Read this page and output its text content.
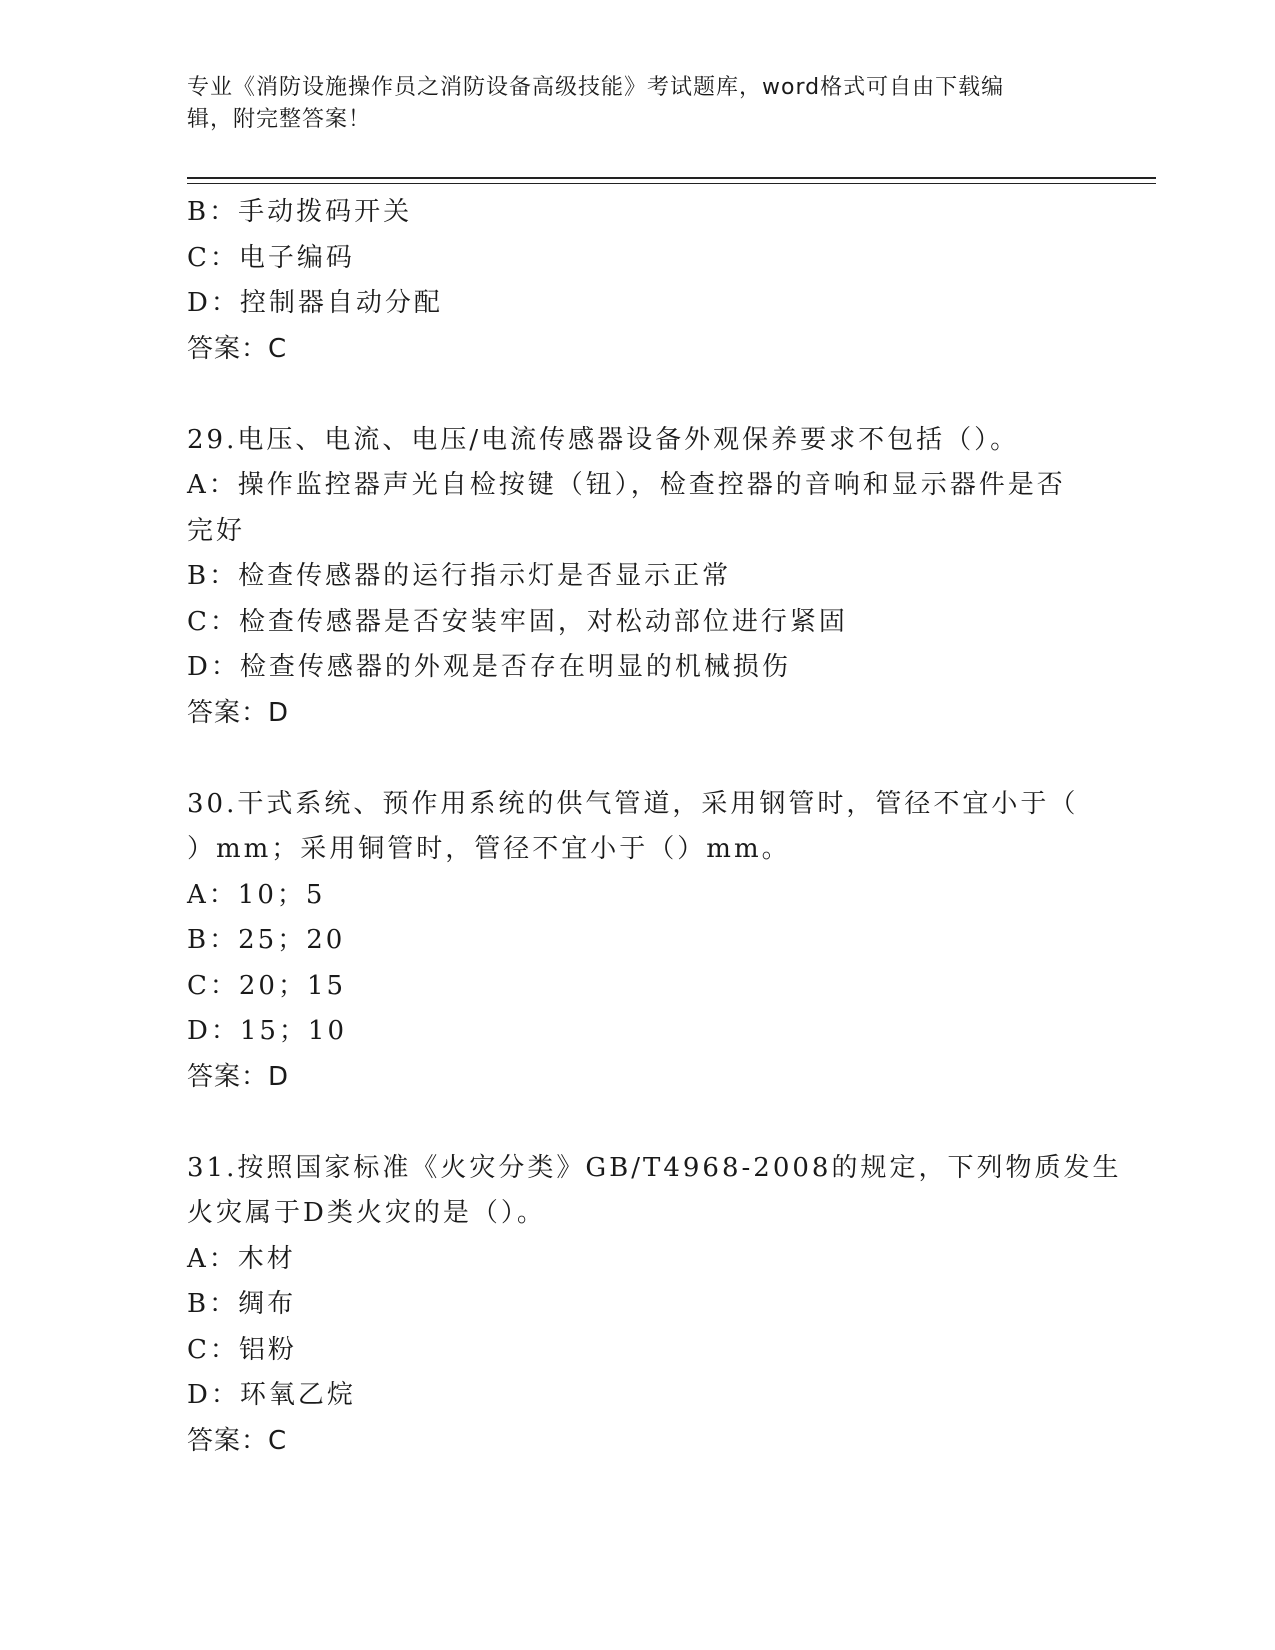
专业《消防设施操作员之消防设备高级技能》考试题库，word格式可自由下载编
辑，附完整答案！
B：手动拨码开关
C：电子编码
D：控制器自动分配
答案：C
29.电压、电流、电压/电流传感器设备外观保养要求不包括（）。
A：操作监控器声光自检按键（钮），检查控器的音响和显示器件是否
完好
B：检查传感器的运行指示灯是否显示正常
C：检查传感器是否安装牢固，对松动部位进行紧固
D：检查传感器的外观是否存在明显的机械损伤
答案：D
30.干式系统、预作用系统的供气管道，采用钢管时，管径不宜小于（
）mm；采用铜管时，管径不宜小于（）mm。
A：10；5
B：25；20
C：20；15
D：15；10
答案：D
31.按照国家标准《火灾分类》GB/T4968-2008的规定，下列物质发生
火灾属于D类火灾的是（）。
A：木材
B：绸布
C：铝粉
D：环氧乙烷
答案：C
